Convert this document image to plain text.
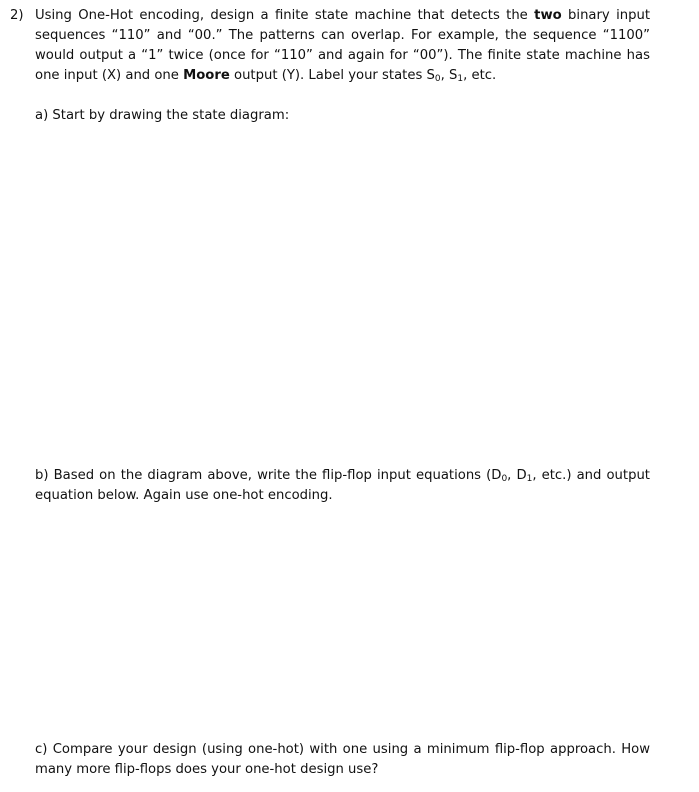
2) Using One-Hot encoding, design a finite state machine that detects the two binary input sequences “110” and “00.” The patterns can overlap. For example, the sequence “1100” would output a “1” twice (once for “110” and again for “00”). The finite state machine has one input (X) and one Moore output (Y). Label your states $S_0$, $S_1$, etc.
a) Start by drawing the state diagram:
b) Based on the diagram above, write the flip-flop input equations ($D_0$, $D_1$, etc.) and output equation below. Again use one-hot encoding.
c) Compare your design (using one-hot) with one using a minimum flip-flop approach. How many more flip-flops does your one-hot design use?
